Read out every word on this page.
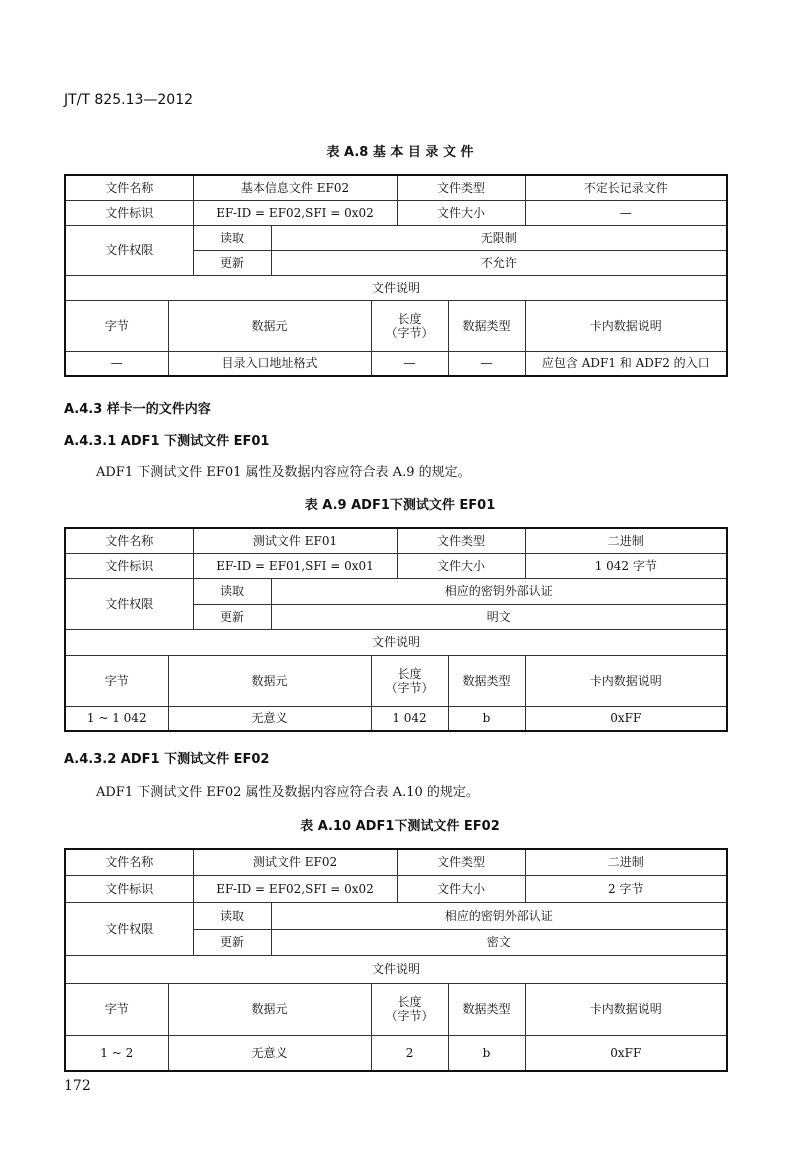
JT/T 825.13—2012
表 A.8 基 本 目 录 文 件
文件名称		基本信息文件 EF02			文件类型		不定长记录文件
文件标识		EF-ID = EF02,SFI = 0x02			文件大小		—
文件权限		读取	无限制				
		更新	不允许				
文件说明							
字节	数据元			长度
（字节）		数据类型	卡内数据说明
—	目录入口地址格式			—		—	应包含 ADF1 和 ADF2 的入口
A.4.3 样卡一的文件内容
A.4.3.1 ADF1 下测试文件 EF01
ADF1 下测试文件 EF01 属性及数据内容应符合表 A.9 的规定。
表 A.9 ADF1下测试文件 EF01
文件名称		测试文件 EF01			文件类型		二进制
文件标识		EF-ID = EF01,SFI = 0x01			文件大小		1 042 字节
文件权限		读取	相应的密钥外部认证				
		更新	明文				
文件说明							
字节	数据元			长度
（字节）		数据类型	卡内数据说明
1 ~ 1 042	无意义			1 042		b	0xFF
A.4.3.2 ADF1 下测试文件 EF02
ADF1 下测试文件 EF02 属性及数据内容应符合表 A.10 的规定。
表 A.10 ADF1下测试文件 EF02
文件名称		测试文件 EF02			文件类型		二进制
文件标识		EF-ID = EF02,SFI = 0x02			文件大小		2 字节
文件权限		读取	相应的密钥外部认证				
		更新	密文				
文件说明							
字节	数据元			长度
（字节）		数据类型	卡内数据说明
1 ~ 2	无意义			2		b	0xFF
172
